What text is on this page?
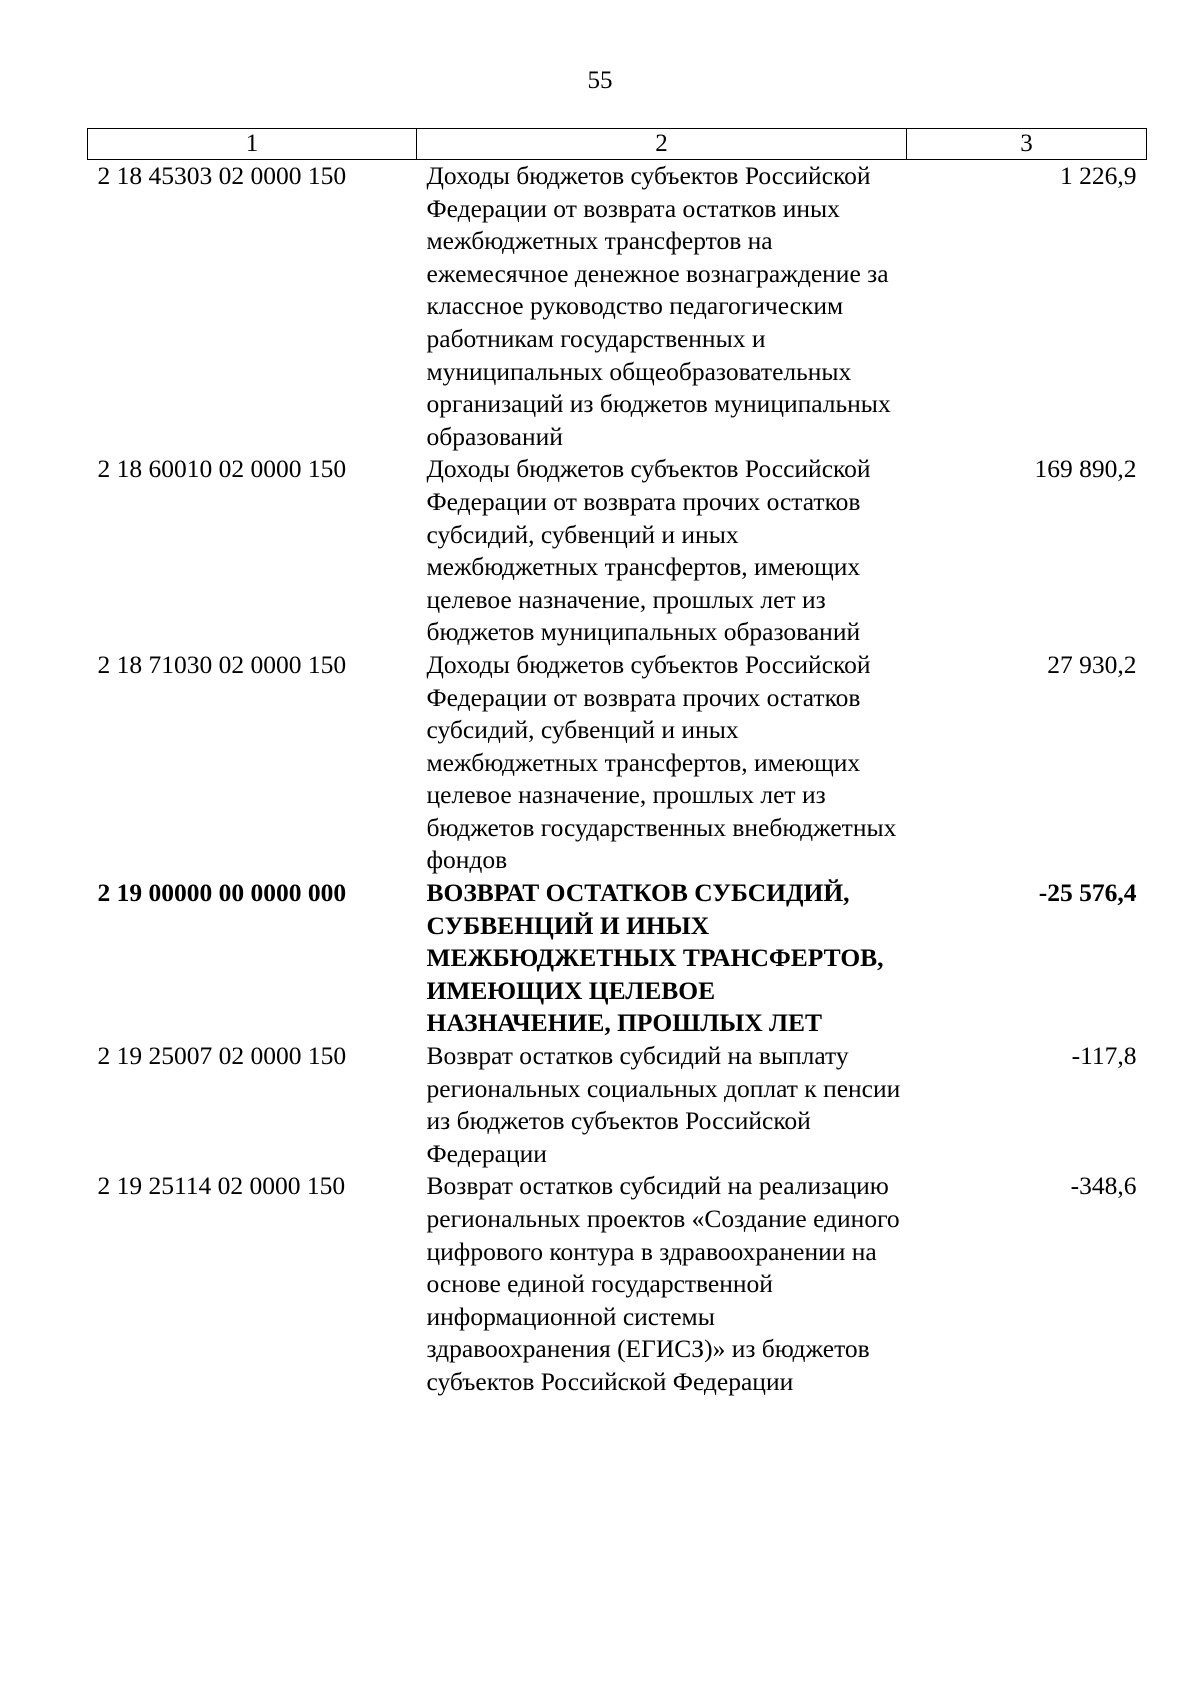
55
1	2	3
2 18 45303 02 0000 150	Доходы бюджетов субъектов Российской Федерации от возврата остатков иных межбюджетных трансфертов на ежемесячное денежное вознаграждение за классное руководство педагогическим работникам государственных и муниципальных общеобразовательных организаций из бюджетов муниципальных образований	1 226,9
2 18 60010 02 0000 150	Доходы бюджетов субъектов Российской Федерации от возврата прочих остатков субсидий, субвенций и иных межбюджетных трансфертов, имеющих целевое назначение, прошлых лет из бюджетов муниципальных образований	169 890,2
2 18 71030 02 0000 150	Доходы бюджетов субъектов Российской Федерации от возврата прочих остатков субсидий, субвенций и иных межбюджетных трансфертов, имеющих целевое назначение, прошлых лет из бюджетов государственных внебюджетных фондов	27 930,2
2 19 00000 00 0000 000	ВОЗВРАТ ОСТАТКОВ СУБСИДИЙ, СУБВЕНЦИЙ И ИНЫХ МЕЖБЮДЖЕТНЫХ ТРАНСФЕРТОВ, ИМЕЮЩИХ ЦЕЛЕВОЕ НАЗНАЧЕНИЕ, ПРОШЛЫХ ЛЕТ	-25 576,4
2 19 25007 02 0000 150	Возврат остатков субсидий на выплату региональных социальных доплат к пенсии из бюджетов субъектов Российской Федерации	-117,8
2 19 25114 02 0000 150	Возврат остатков субсидий на реализацию региональных проектов «Создание единого цифрового контура в здравоохранении на основе единой государственной информационной системы здравоохранения (ЕГИСЗ)» из бюджетов субъектов Российской Федерации	-348,6
